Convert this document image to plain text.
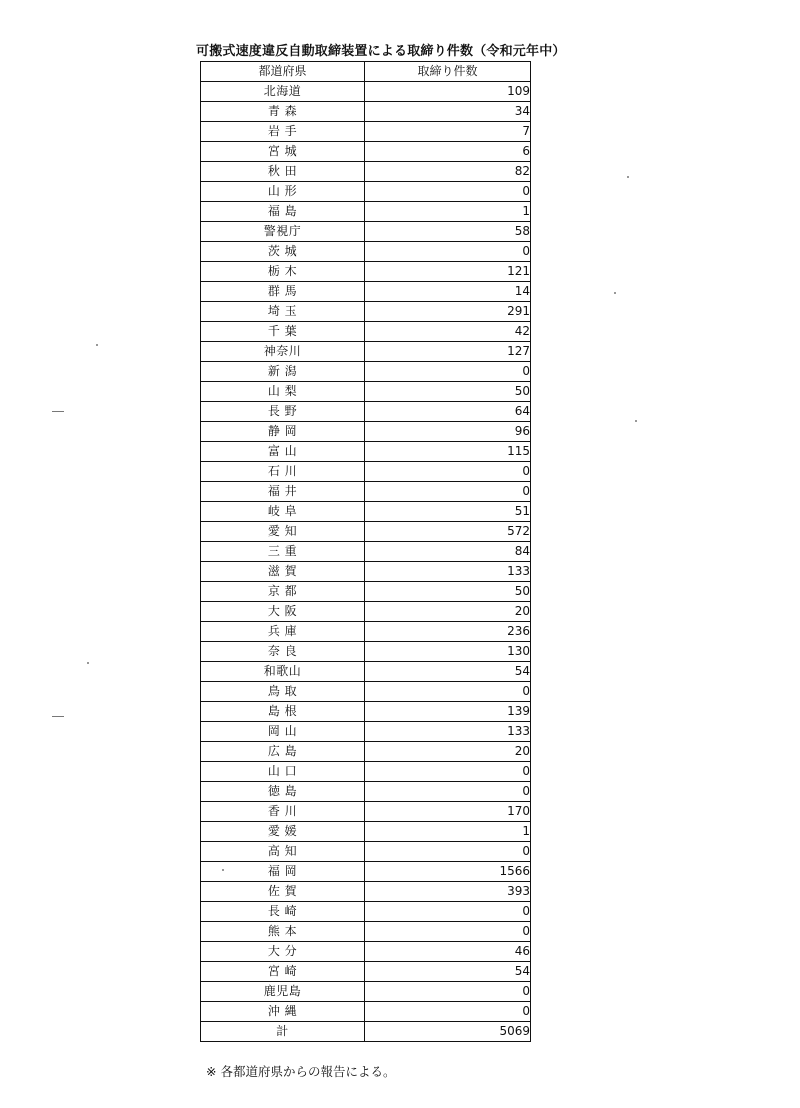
可搬式速度違反自動取締装置による取締り件数（令和元年中）
都道府県	取締り件数
北海道	109
青 森	34
岩 手	7
宮 城	6
秋 田	82
山 形	0
福 島	1
警視庁	58
茨 城	0
栃 木	121
群 馬	14
埼 玉	291
千 葉	42
神奈川	127
新 潟	0
山 梨	50
長 野	64
静 岡	96
富 山	115
石 川	0
福 井	0
岐 阜	51
愛 知	572
三 重	84
滋 賀	133
京 都	50
大 阪	20
兵 庫	236
奈 良	130
和歌山	54
鳥 取	0
島 根	139
岡 山	133
広 島	20
山 口	0
徳 島	0
香 川	170
愛 媛	1
高 知	0
福 岡	1566
佐 賀	393
長 崎	0
熊 本	0
大 分	46
宮 崎	54
鹿児島	0
沖 縄	0
計	5069
※ 各都道府県からの報告による。
